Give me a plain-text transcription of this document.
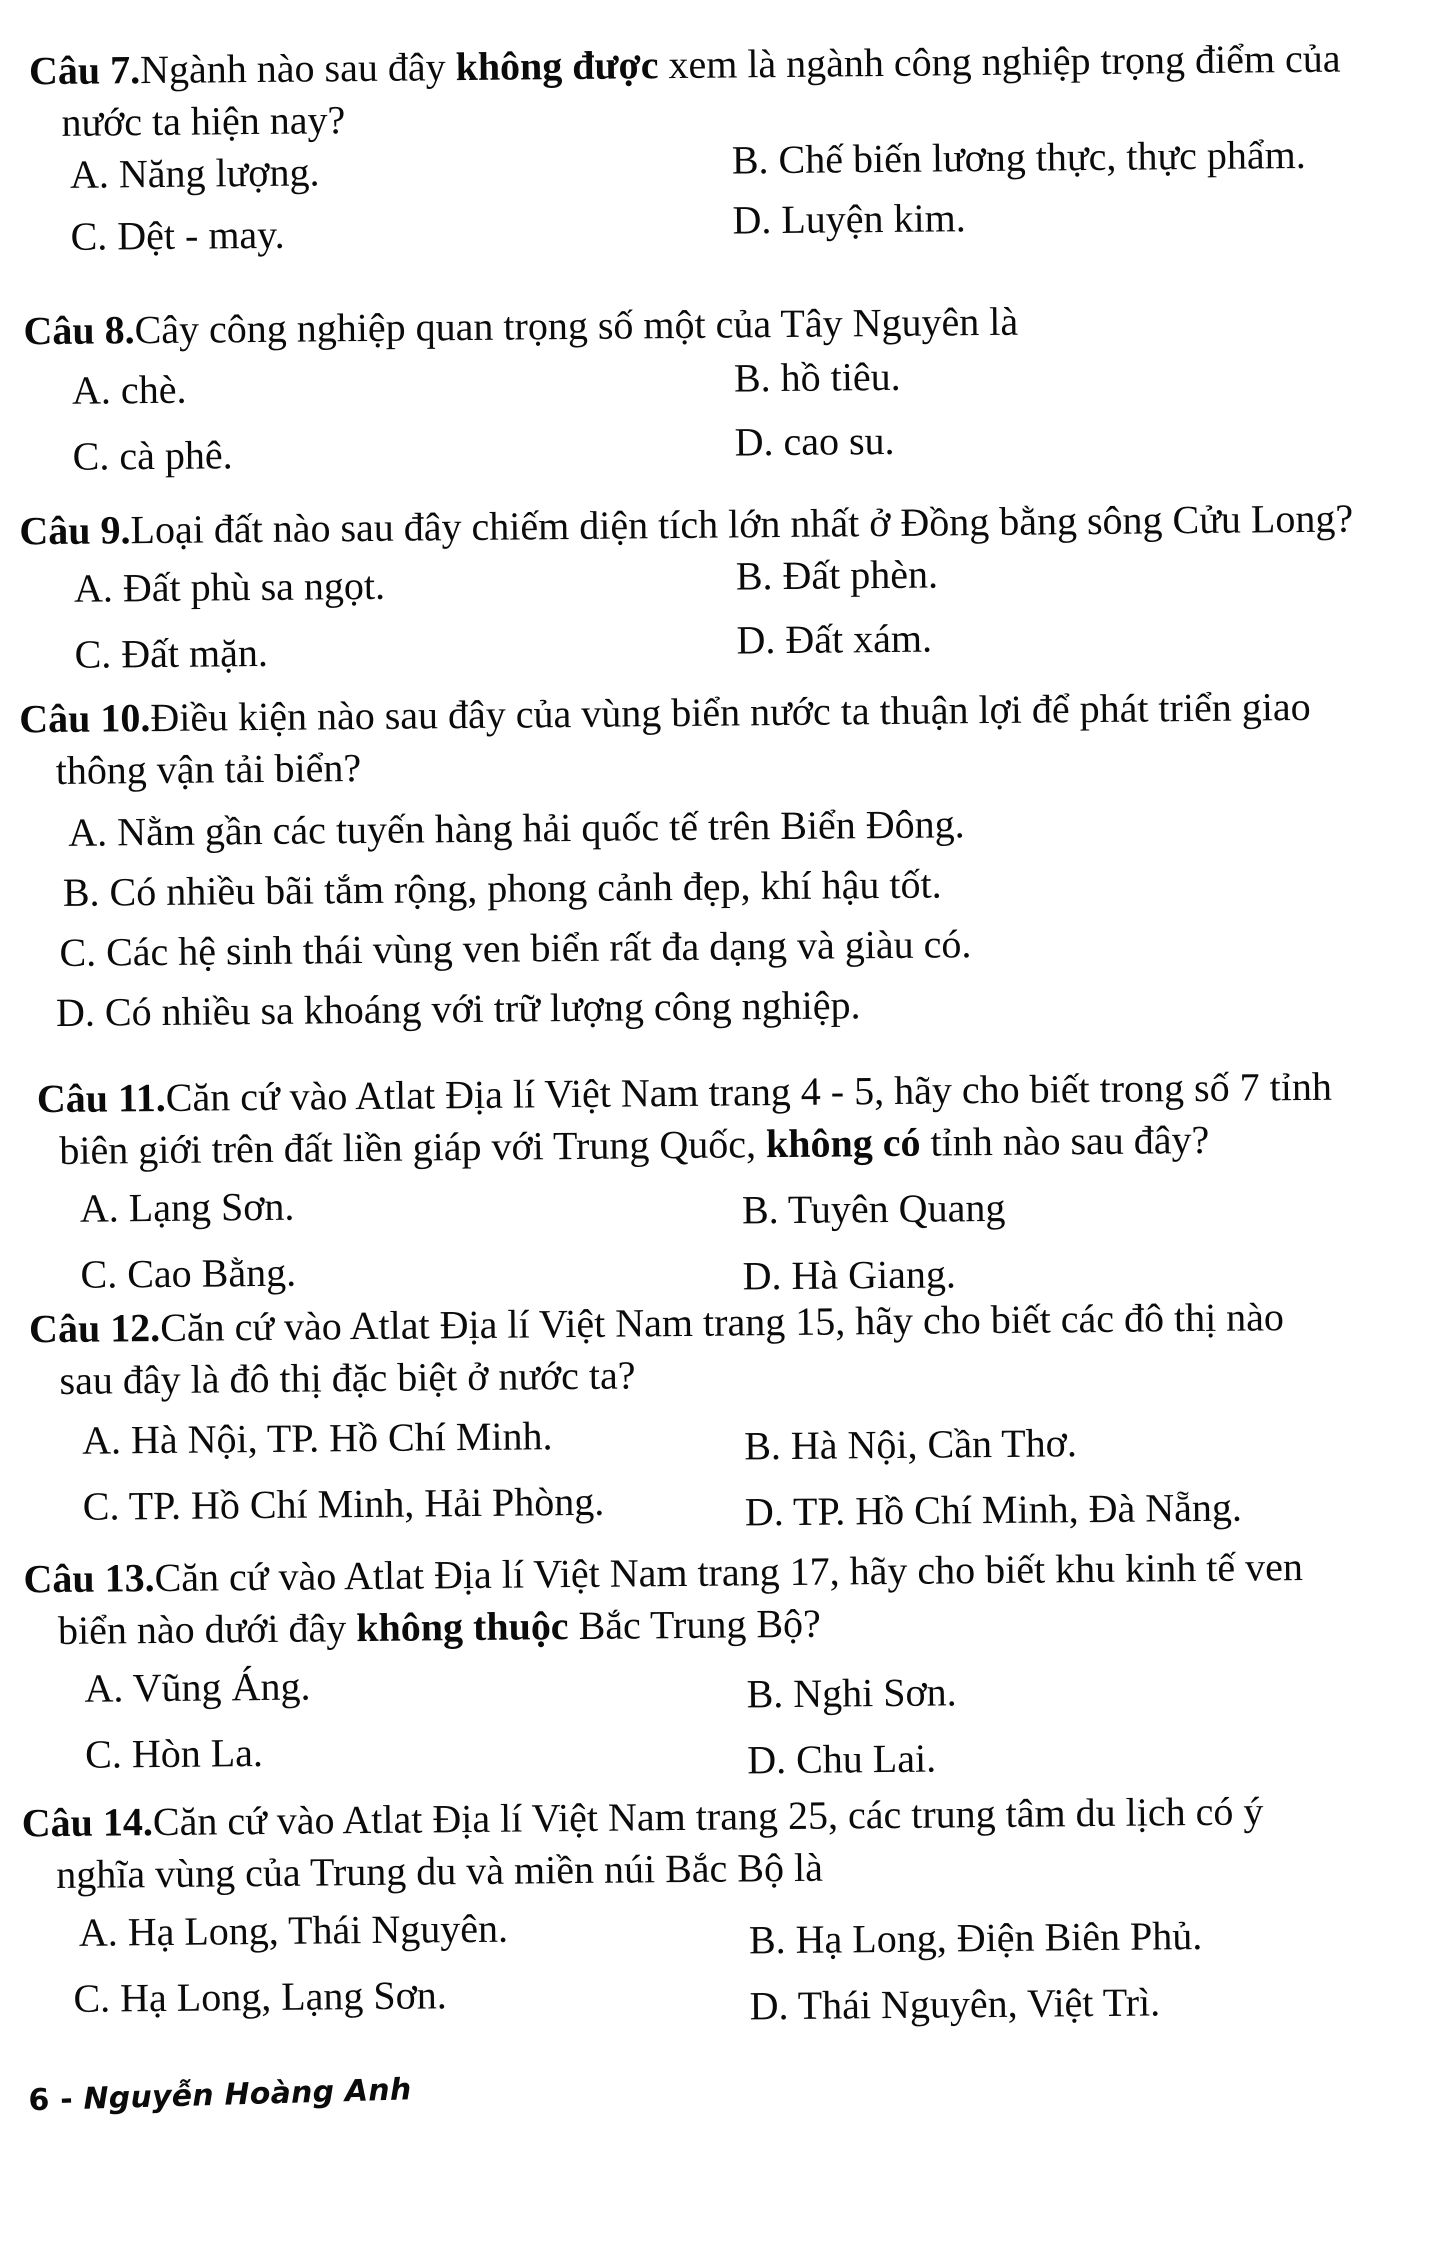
Câu 7.Ngành nào sau đây không được xem là ngành công nghiệp trọng điểm của
nước ta hiện nay?
A. Năng lượng.	B. Chế biến lương thực, thực phẩm.
C. Dệt - may.	D. Luyện kim.
Câu 8.Cây công nghiệp quan trọng số một của Tây Nguyên là
A. chè.	B. hồ tiêu.
C. cà phê.	D. cao su.
Câu 9.Loại đất nào sau đây chiếm diện tích lớn nhất ở Đồng bằng sông Cửu Long?
A. Đất phù sa ngọt.	B. Đất phèn.
C. Đất mặn.	D. Đất xám.
Câu 10.Điều kiện nào sau đây của vùng biển nước ta thuận lợi để phát triển giao
thông vận tải biển?
A. Nằm gần các tuyến hàng hải quốc tế trên Biển Đông.
B. Có nhiều bãi tắm rộng, phong cảnh đẹp, khí hậu tốt.
C. Các hệ sinh thái vùng ven biển rất đa dạng và giàu có.
D. Có nhiều sa khoáng với trữ lượng công nghiệp.
Câu 11.Căn cứ vào Atlat Địa lí Việt Nam trang 4 - 5, hãy cho biết trong số 7 tỉnh
biên giới trên đất liền giáp với Trung Quốc, không có tỉnh nào sau đây?
A. Lạng Sơn.	B. Tuyên Quang
C. Cao Bằng.	D. Hà Giang.
Câu 12.Căn cứ vào Atlat Địa lí Việt Nam trang 15, hãy cho biết các đô thị nào
sau đây là đô thị đặc biệt ở nước ta?
A. Hà Nội, TP. Hồ Chí Minh.	B. Hà Nội, Cần Thơ.
C. TP. Hồ Chí Minh, Hải Phòng.	D. TP. Hồ Chí Minh, Đà Nẵng.
Câu 13.Căn cứ vào Atlat Địa lí Việt Nam trang 17, hãy cho biết khu kinh tế ven
biển nào dưới đây không thuộc Bắc Trung Bộ?
A. Vũng Áng.	B. Nghi Sơn.
C. Hòn La.	D. Chu Lai.
Câu 14.Căn cứ vào Atlat Địa lí Việt Nam trang 25, các trung tâm du lịch có ý
nghĩa vùng của Trung du và miền núi Bắc Bộ là
A. Hạ Long, Thái Nguyên.	B. Hạ Long, Điện Biên Phủ.
C. Hạ Long, Lạng Sơn.	D. Thái Nguyên, Việt Trì.
6 - Nguyễn Hoàng Anh
